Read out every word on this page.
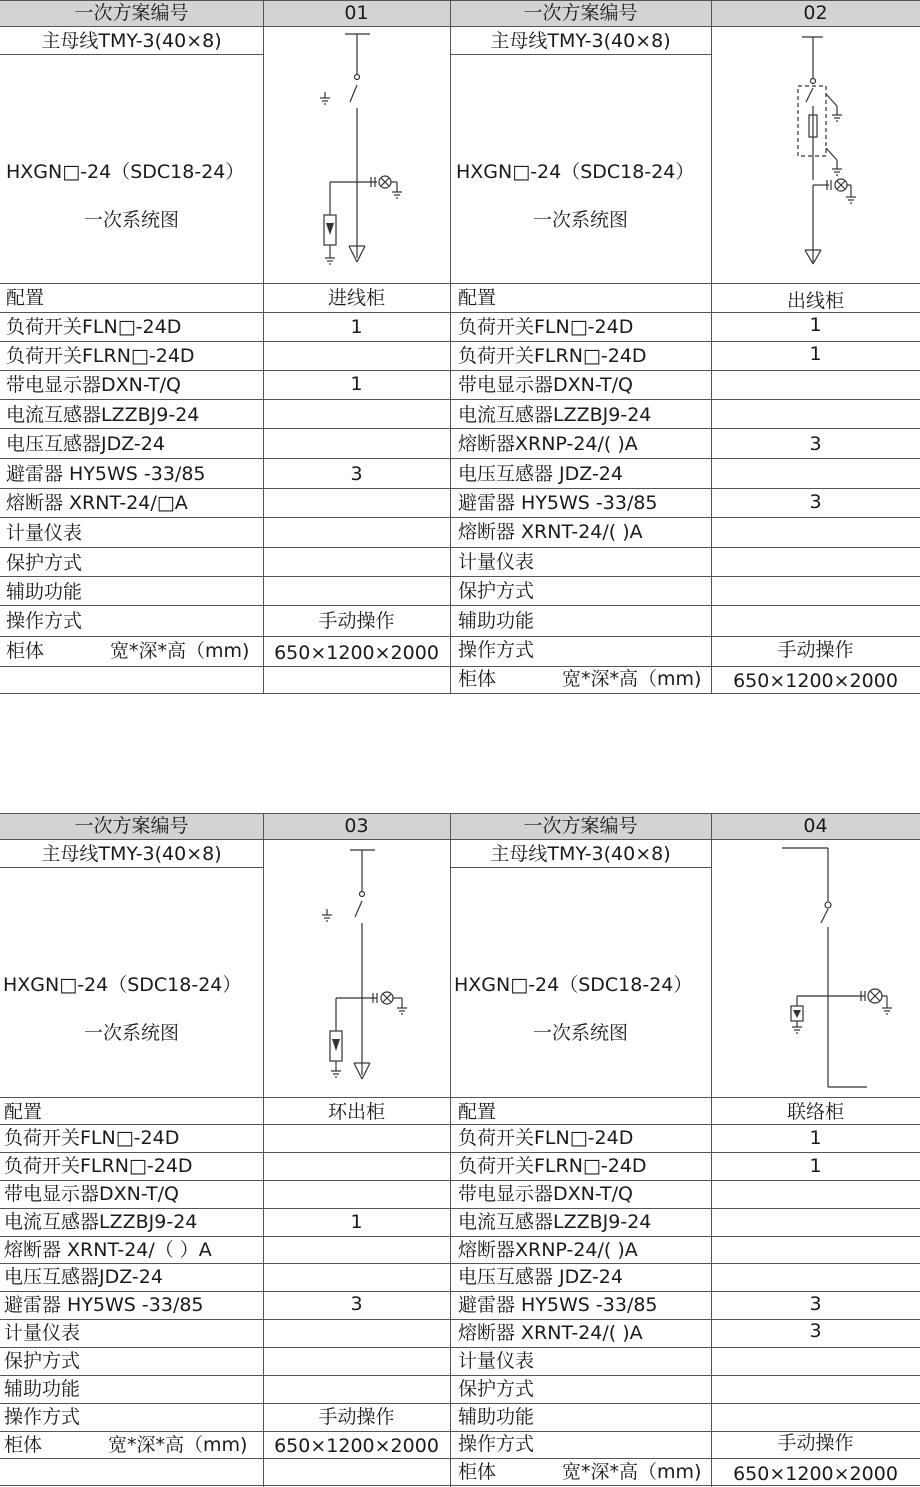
一次方案编号	01
主母线TMY-3(40×8)
HXGN□-24（SDC18-24）
一次系统图
配置	进线柜
负荷开关FLN□-24D	1
负荷开关FLRN□-24D
带电显示器DXN-T/Q	1
电流互感器LZZBJ9-24
电压互感器JDZ-24
避雷器 HY5WS -33/85	3
熔断器 XRNT-24/□A
计量仪表
保护方式
辅助功能
操作方式	手动操作
柜体	宽*深*高（mm)	650×1200×2000
一次方案编号	02
主母线TMY-3(40×8)
HXGN□-24（SDC18-24）
一次系统图
配置	出线柜
负荷开关FLN□-24D	1
负荷开关FLRN□-24D	1
带电显示器DXN-T/Q
电流互感器LZZBJ9-24
熔断器XRNP-24/( )A	3
电压互感器 JDZ-24
避雷器 HY5WS -33/85	3
熔断器 XRNT-24/( )A
计量仪表
保护方式
辅助功能
操作方式	手动操作
柜体	宽*深*高（mm)	650×1200×2000
一次方案编号	03
主母线TMY-3(40×8)
HXGN□-24（SDC18-24）
一次系统图
配置	环出柜
负荷开关FLN□-24D
负荷开关FLRN□-24D
带电显示器DXN-T/Q
电流互感器LZZBJ9-24	1
熔断器 XRNT-24/（ ）A
电压互感器JDZ-24
避雷器 HY5WS -33/85	3
计量仪表
保护方式
辅助功能
操作方式	手动操作
柜体	宽*深*高（mm)	650×1200×2000
一次方案编号	04
主母线TMY-3(40×8)
HXGN□-24（SDC18-24）
一次系统图
配置	联络柜
负荷开关FLN□-24D	1
负荷开关FLRN□-24D	1
带电显示器DXN-T/Q
电流互感器LZZBJ9-24
熔断器XRNP-24/( )A
电压互感器 JDZ-24
避雷器 HY5WS -33/85	3
熔断器 XRNT-24/( )A	3
计量仪表
保护方式
辅助功能
操作方式	手动操作
柜体	宽*深*高（mm)	650×1200×2000
